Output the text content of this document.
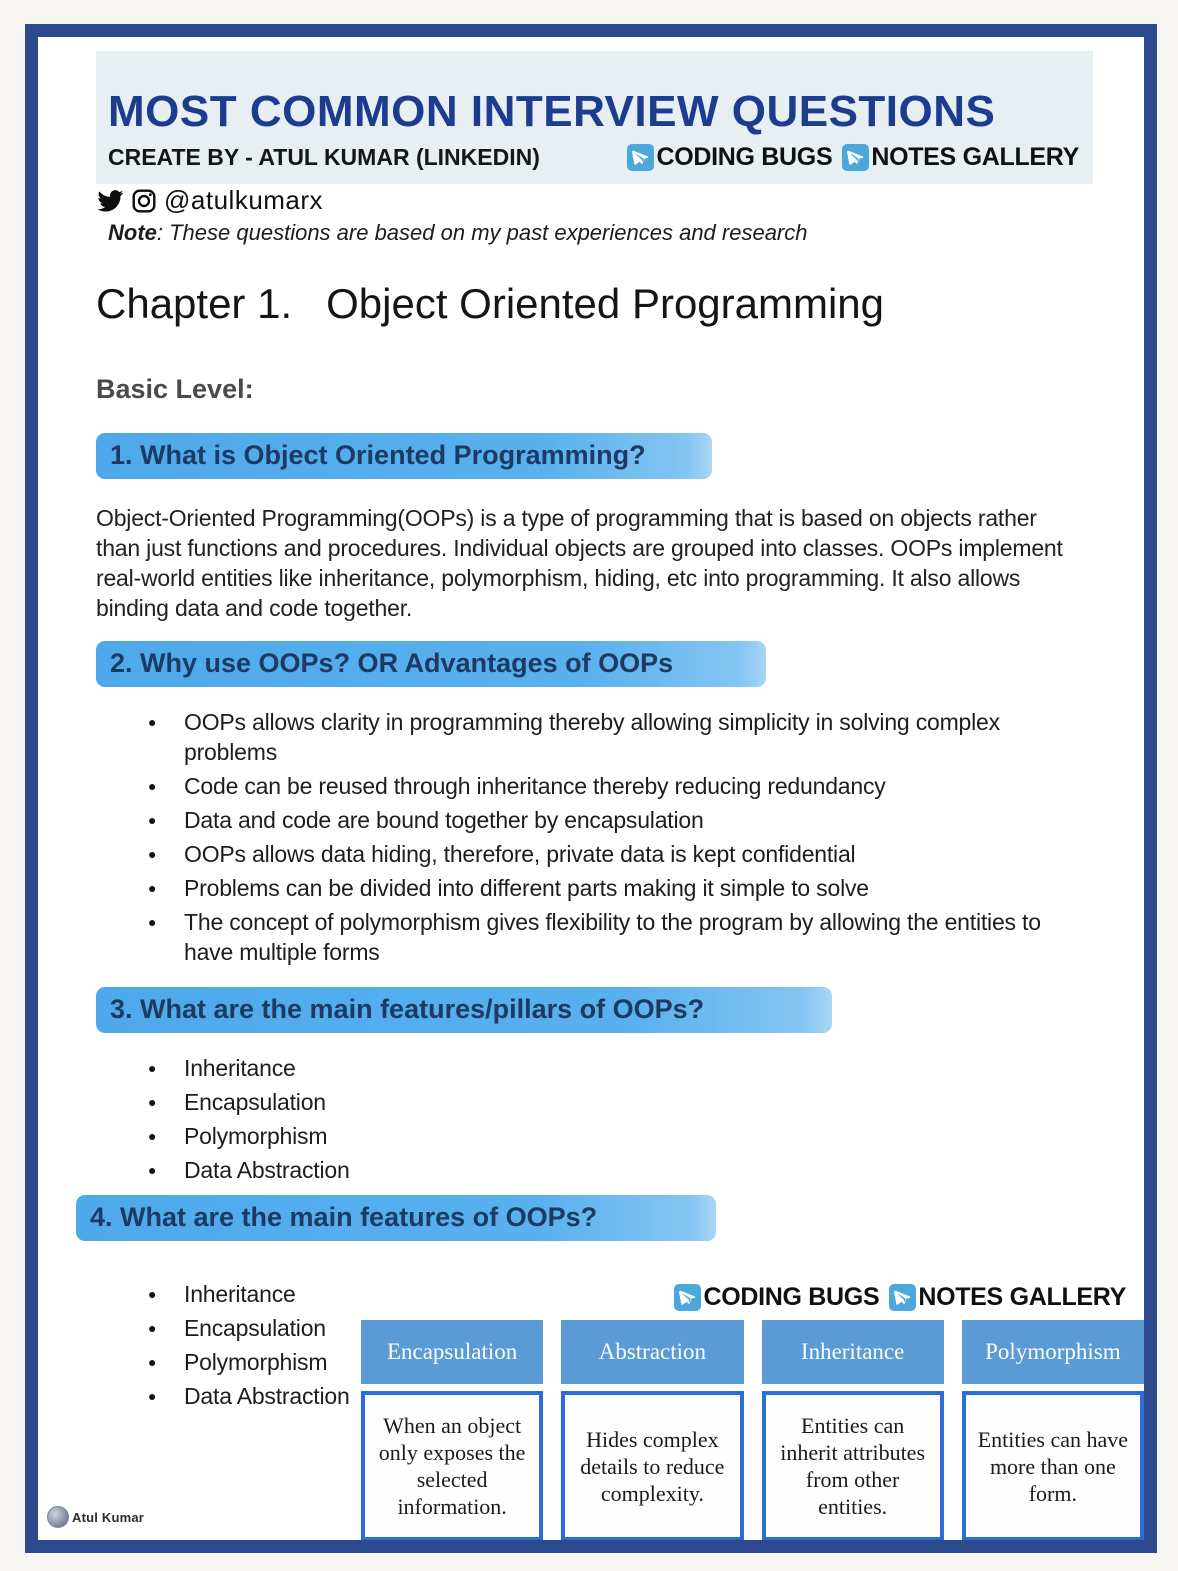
MOST COMMON INTERVIEW QUESTIONS
CREATE BY - ATUL KUMAR (LINKEDIN)	CODING BUGS NOTES GALLERY
@atulkumarx
Note: These questions are based on my past experiences and research
Chapter 1. Object Oriented Programming
Basic Level:
1. What is Object Oriented Programming?
Object-Oriented Programming(OOPs) is a type of programming that is based on objects rather than just functions and procedures. Individual objects are grouped into classes. OOPs implement real-world entities like inheritance, polymorphism, hiding, etc into programming. It also allows binding data and code together.
2. Why use OOPs? OR Advantages of OOPs
● OOPs allows clarity in programming thereby allowing simplicity in solving complex problems
● Code can be reused through inheritance thereby reducing redundancy
● Data and code are bound together by encapsulation
● OOPs allows data hiding, therefore, private data is kept confidential
● Problems can be divided into different parts making it simple to solve
● The concept of polymorphism gives flexibility to the program by allowing the entities to have multiple forms
3. What are the main features/pillars of OOPs?
● Inheritance
● Encapsulation
● Polymorphism
● Data Abstraction
4. What are the main features of OOPs?
● Inheritance
● Encapsulation
● Polymorphism
● Data Abstraction
CODING BUGS NOTES GALLERY
Encapsulation
When an object only exposes the selected information.
Abstraction
Hides complex details to reduce complexity.
Inheritance
Entities can inherit attributes from other entities.
Polymorphism
Entities can have more than one form.
Atul Kumar
